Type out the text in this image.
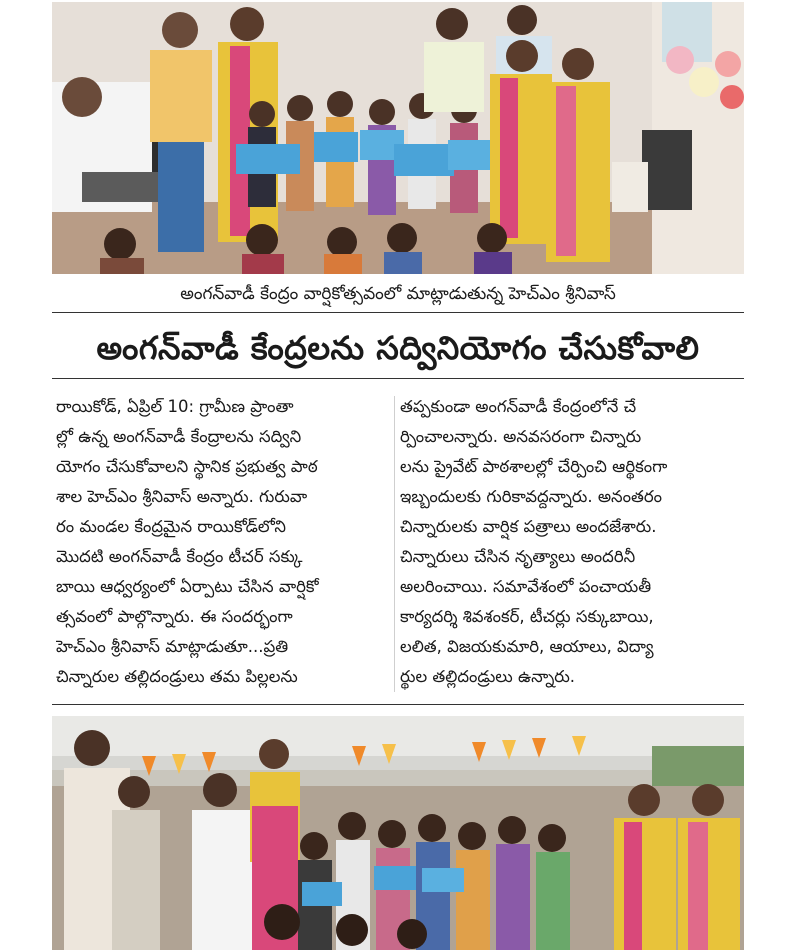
అంగన్‌వాడీ కేంద్రం వార్షికోత్సవంలో మాట్లాడుతున్న హెచ్ఎం శ్రీనివాస్
అంగన్‌వాడీ కేంద్రలను సద్వినియోగం చేసుకోవాలి
రాయికోడ్, ఏప్రిల్ 10: గ్రామీణ ప్రాంతా
ల్లో ఉన్న అంగన్‌వాడీ కేంద్రాలను సద్విని
యోగం చేసుకోవాలని స్థానిక ప్రభుత్వ పాఠ
శాల హెచ్ఎం శ్రీనివాస్ అన్నారు. గురువా
రం మండల కేంద్రమైన రాయికోడ్‌లోని
మొదటి అంగన్‌వాడీ కేంద్రం టీచర్ సక్కు
బాయి ఆధ్వర్యంలో ఏర్పాటు చేసిన వార్షికో
త్సవంలో పాల్గొన్నారు. ఈ సందర్భంగా
హెచ్ఎం శ్రీనివాస్ మాట్లాడుతూ...ప్రతి
చిన్నారుల తల్లిదండ్రులు తమ పిల్లలను
తప్పకుండా అంగన్‌వాడీ కేంద్రంలోనే చే
ర్పించాలన్నారు. అనవసరంగా చిన్నారు
లను ప్రైవేట్ పాఠశాలల్లో చేర్పించి ఆర్థికంగా
ఇబ్బందులకు గురికావద్దన్నారు. అనంతరం
చిన్నారులకు వార్షిక పత్రాలు అందజేశారు.
చిన్నారులు చేసిన నృత్యాలు అందరినీ
అలరించాయి. సమావేశంలో పంచాయతీ
కార్యదర్శి శివశంకర్, టీచర్లు సక్కుబాయి,
లలిత, విజయకుమారి, ఆయాలు, విద్యా
ర్థుల తల్లిదండ్రులు ఉన్నారు.
